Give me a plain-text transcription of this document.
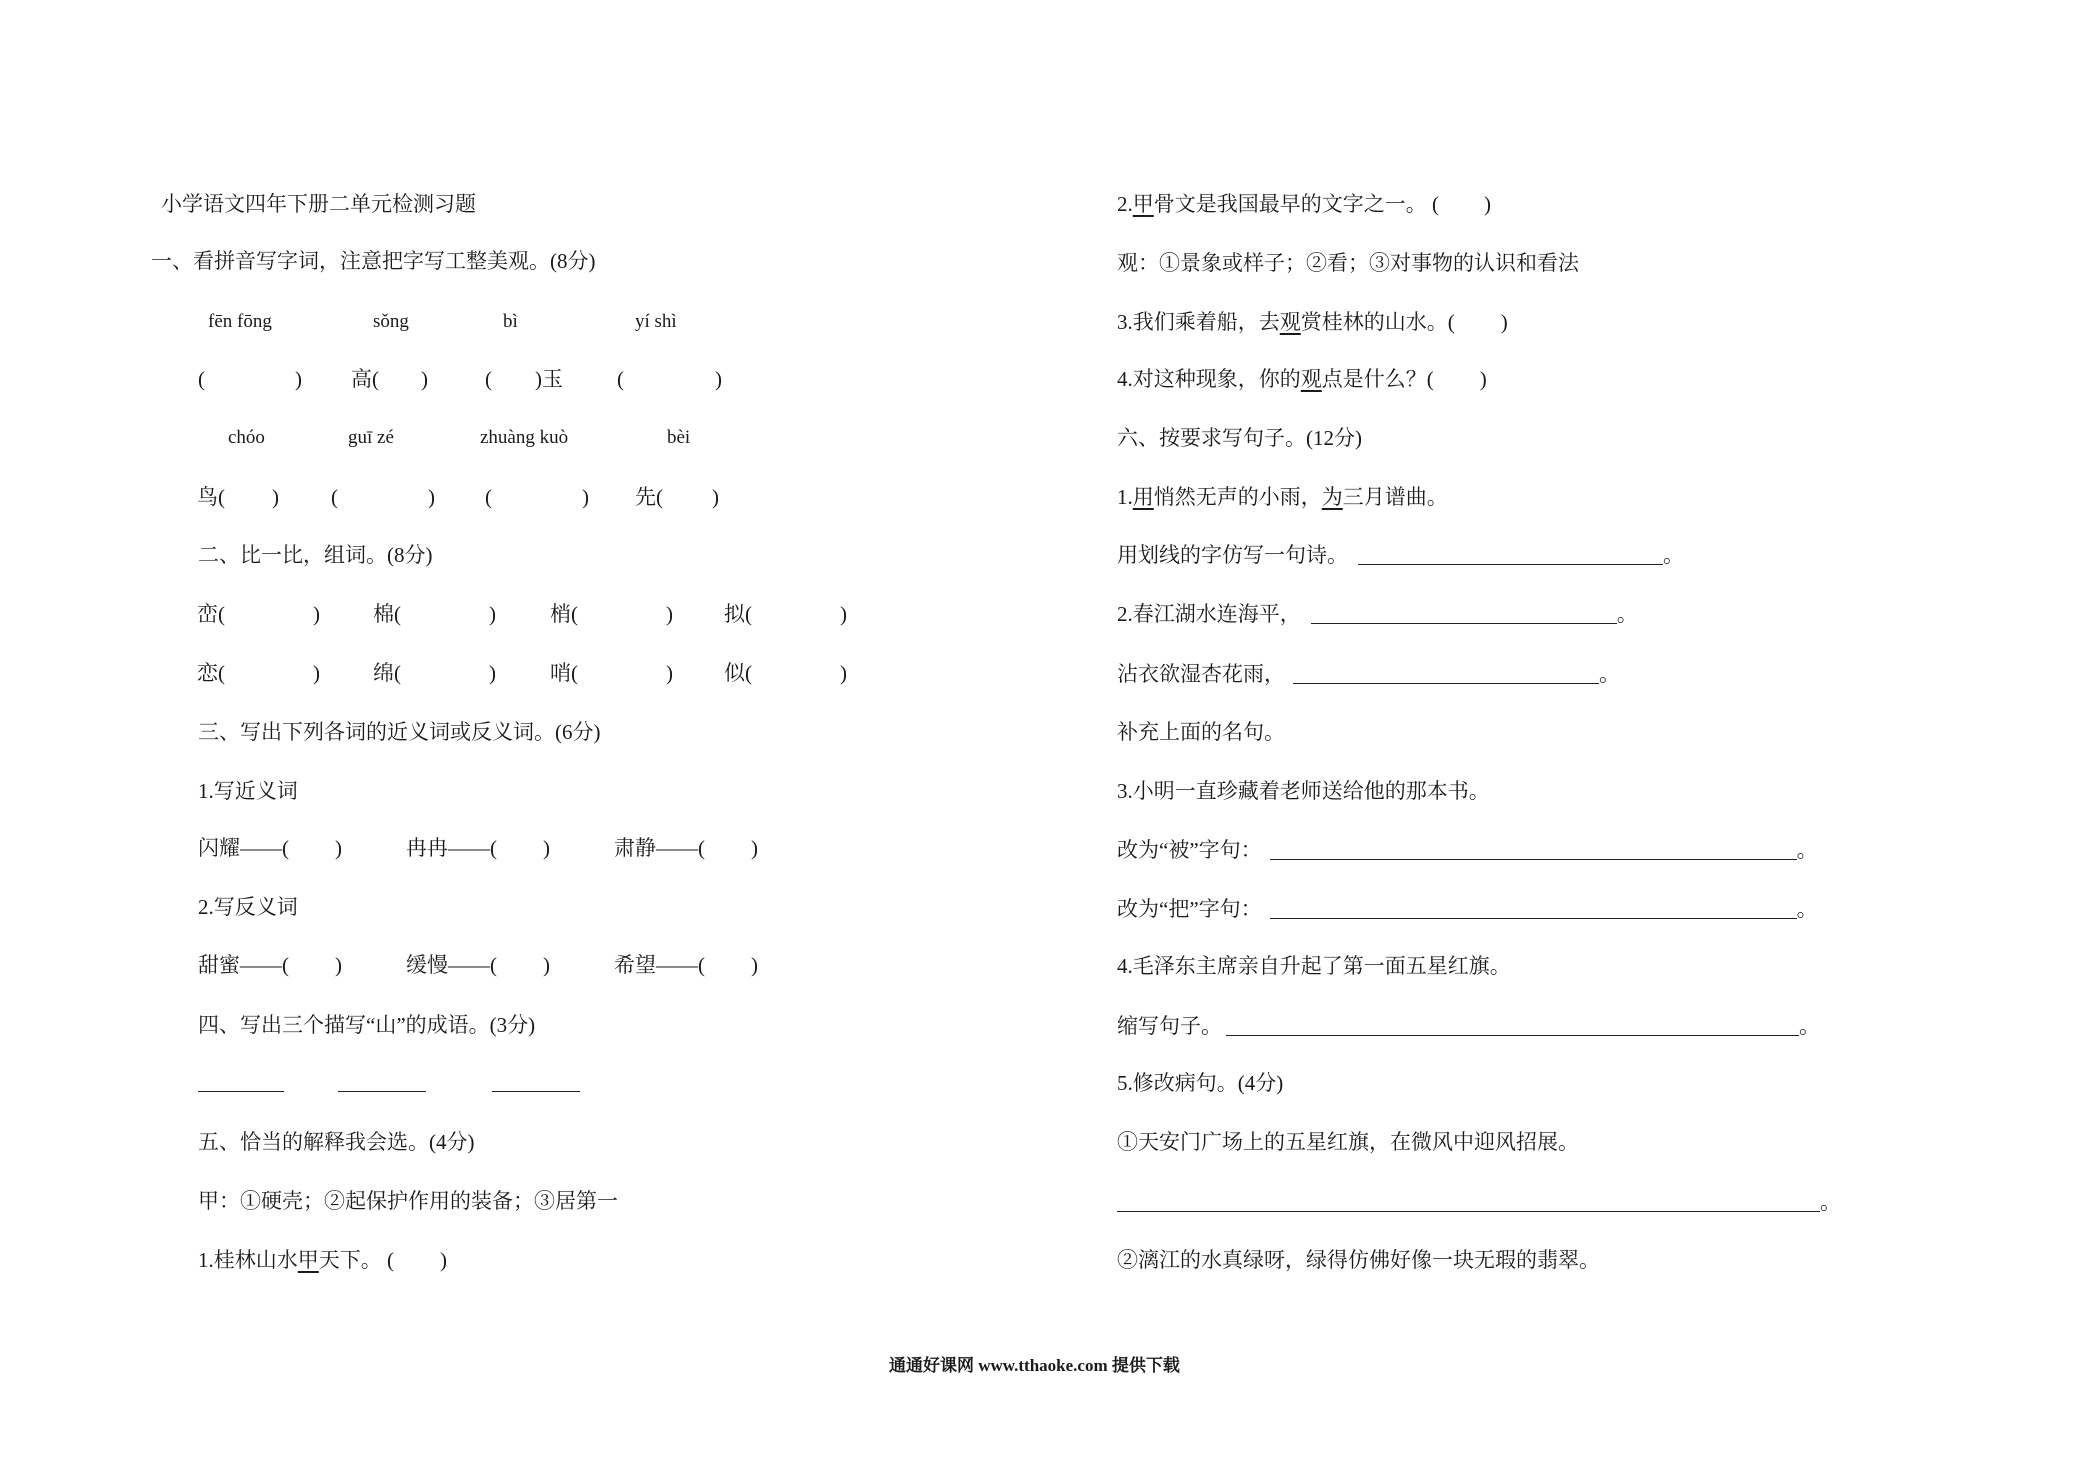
小学语文四年下册二单元检测习题
一、看拼音写字词，注意把字写工整美观。(8分)
fēn fōng	sǒng	bì	yí shì
(	) 高( )	( )玉	(	)
chóo	guī zé	zhuàng kuò	bèi
鸟( ) (	) (	) 先( )
二、比一比，组词。(8分)
峦(	)	棉(	)	梢(	) 拟(	)
恋(	)	绵(	)	哨(	) 似(	)
三、写出下列各词的近义词或反义词。(6分)
1.写近义词
闪耀——( )	冉冉——( )	肃静——( )
2.写反义词
甜蜜——( )	缓慢——( )	希望——( )
四、写出三个描写“山”的成语。(3分)
五、恰当的解释我会选。(4分)
甲：①硬壳；②起保护作用的装备；③居第一
1.桂林山水甲天下。 ( )
2.甲骨文是我国最早的文字之一。 ( )
观：①景象或样子；②看；③对事物的认识和看法
3.我们乘着船，去观赏桂林的山水。( )
4.对这种现象，你的观点是什么？( )
六、按要求写句子。(12分)
1.用悄然无声的小雨，为三月谱曲。
用划线的字仿写一句诗。	。
2.春江湖水连海平，	。
沾衣欲湿杏花雨，	。
补充上面的名句。
3.小明一直珍藏着老师送给他的那本书。
改为“被”字句：	。
改为“把”字句：	。
4.毛泽东主席亲自升起了第一面五星红旗。
缩写句子。	。
5.修改病句。(4分)
①天安门广场上的五星红旗，在微风中迎风招展。
。
②漓江的水真绿呀，绿得仿佛好像一块无瑕的翡翠。
通通好课网 www.tthaoke.com 提供下载
